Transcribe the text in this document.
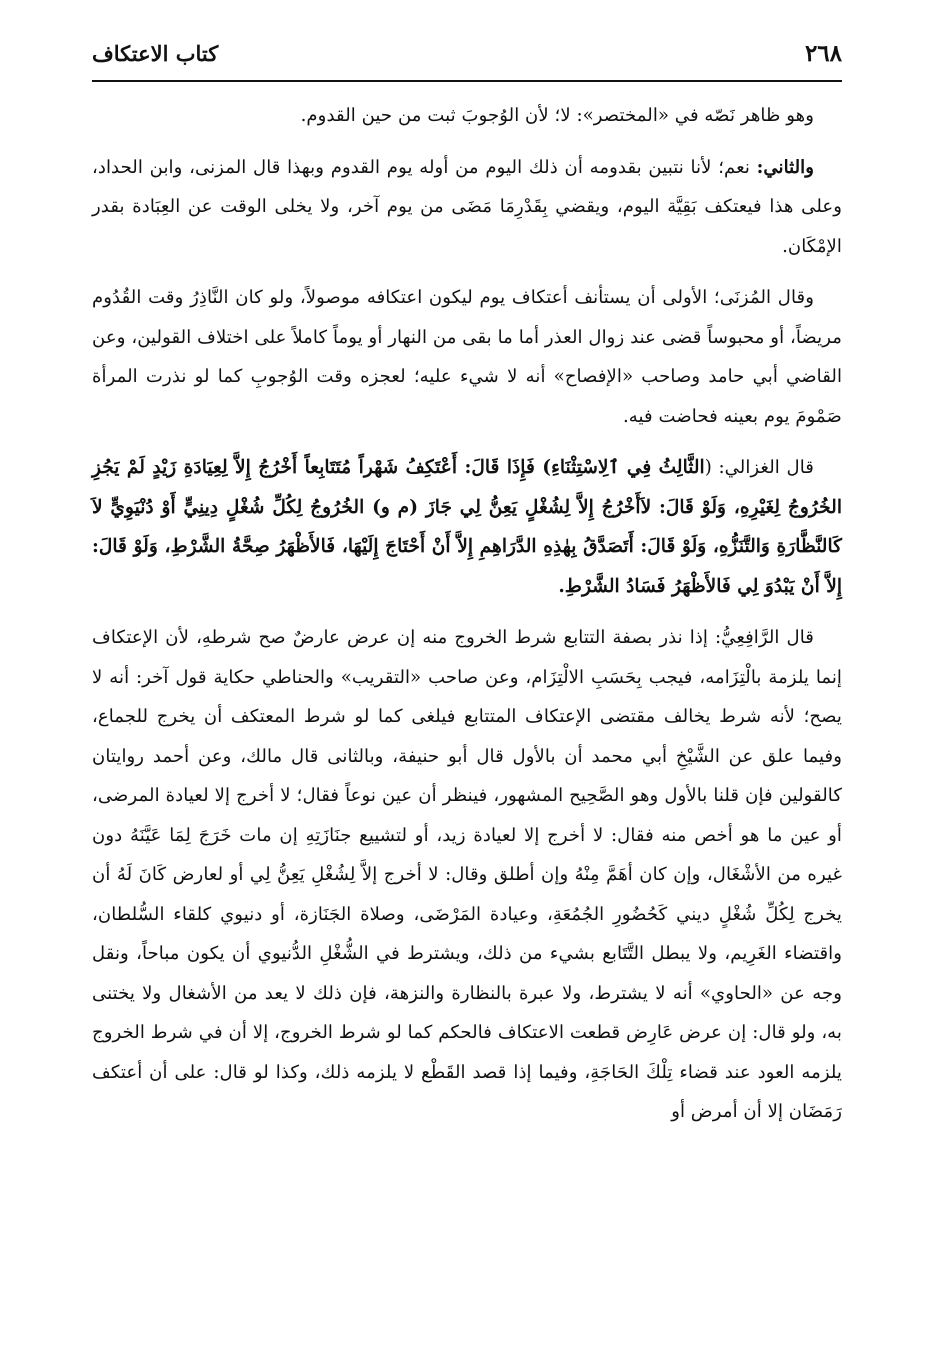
٢٦٨
كتاب الاعتكاف

وهو ظاهر نَصّه في «المختصر»: لا؛ لأن الوُجوبَ ثبت من حين القدوم.

والثاني: نعم؛ لأنا نتبين بقدومه أن ذلك اليوم من أوله يوم القدوم وبهذا قال المزنى، وابن الحداد، وعلى هذا فيعتكف بَقِيَّة اليوم، ويقضي بِقَدْرِمَا مَضَى من يوم آخر، ولا يخلى الوقت عن العِبَادة بقدر الإمْكَان.

وقال المُزنَى؛ الأولى أن يستأنف أعتكاف يوم ليكون اعتكافه موصولاً، ولو كان النَّاذِرُ وقت القُدُوم مريضاً، أو محبوساً قضى عند زوال العذر أما ما بقى من النهار أو يوماً كاملاً على اختلاف القولين، وعن القاضي أبي حامد وصاحب «الإفصاح» أنه لا شيء عليه؛ لعجزه وقت الوُجوبِ كما لو نذرت المرأة صَمْومَ يوم بعينه فحاضت فيه.

قال الغزالي: (الثَّالِثُ فِي ٱلِاسْتِثْنَاءِ) فَإِذَا قَالَ: أَعْتَكِفُ شَهْراً مُتَتَابِعاً أَخْرُجُ إِلاَّ لِعِيَادَةِ زَيْدٍ لَمْ يَجُزِ الخُرُوجُ لِغَيْرِهِ، وَلَوْ قَالَ: لاَأَخْرُجُ إِلاَّ لِشُغْلٍ يَعِنُّ لِي جَازَ (م و) الخُرُوجُ لِكُلِّ شُغْلٍ دِينِيٍّ أَوْ دُنْيَوِيٍّ لاَ كَالنَّظَّارَةِ وَالتَّنَزُّهِ، وَلَوْ قَالَ: أَتَصَدَّقُ بِهٰذِهِ الدَّرَاهِمِ إِلاَّ أَنْ أَحْتَاجَ إِلَيْهَا، فَالأَظْهَرُ صِحَّةُ الشَّرْطِ، وَلَوْ قَالَ: إِلاَّ أَنْ يَبْدُوَ لِي فَالأَظْهَرُ فَسَادُ الشَّرْطِ.

قال الرَّافِعِيُّ: إذا نذر بصفة التتابع شرط الخروج منه إن عرض عارضٌ صح شرطهِ، لأن الإعتكاف إنما يلزمة بالْتِزَامه، فيجب بِحَسَبِ الالْتِزَام، وعن صاحب «التقريب» والحناطي حكاية قول آخر: أنه لا يصح؛ لأنه شرط يخالف مقتضى الإعتكاف المتتابع فيلغى كما لو شرط المعتكف أن يخرج للجماع، وفيما علق عن الشَّيْخِ أبي محمد أن بالأول قال أبو حنيفة، وبالثانى قال مالك، وعن أحمد روايتان كالقولين فإن قلنا بالأول وهو الصَّحِيح المشهور، فينظر أن عين نوعاً فقال؛ لا أخرج إلا لعيادة المرضى، أو عين ما هو أخص منه فقال: لا أخرج إلا لعيادة زيد، أو لتشييع جنَازَتِهِ إن مات خَرَجَ لِمَا عَيَّنَهُ دون غيره من الأشْغَال، وإن كان أهَمَّ مِنْهُ وإن أطلق وقال: لا أخرج إلاَّ لِشُغْلِ يَعِنُّ لِي أو لعارض كَانَ لَهُ أن يخرج لِكُلِّ شُغْلٍ ديني كَحُضُورِ الجُمُعَةِ، وعيادة المَرْضَى، وصلاة الجَنَازة، أو دنيوي كلقاء السُّلطان، واقتضاء الغَرِيم، ولا يبطل التَّتَابع بشيء من ذلك، ويشترط في الشُّغْلِ الدُّنيوي أن يكون مباحاً، ونقل وجه عن «الحاوي» أنه لا يشترط، ولا عبرة بالنظارة والنزهة، فإن ذلك لا يعد من الأشغال ولا يختنى به، ولو قال: إن عرض عَارِض قطعت الاعتكاف فالحكم كما لو شرط الخروج، إلا أن في شرط الخروج يلزمه العود عند قضاء تِلْكَ الحَاجَةِ، وفيما إذا قصد القَطْع لا يلزمه ذلك، وكذا لو قال: على أن أعتكف رَمَضَان إلا أن أمرض أو
